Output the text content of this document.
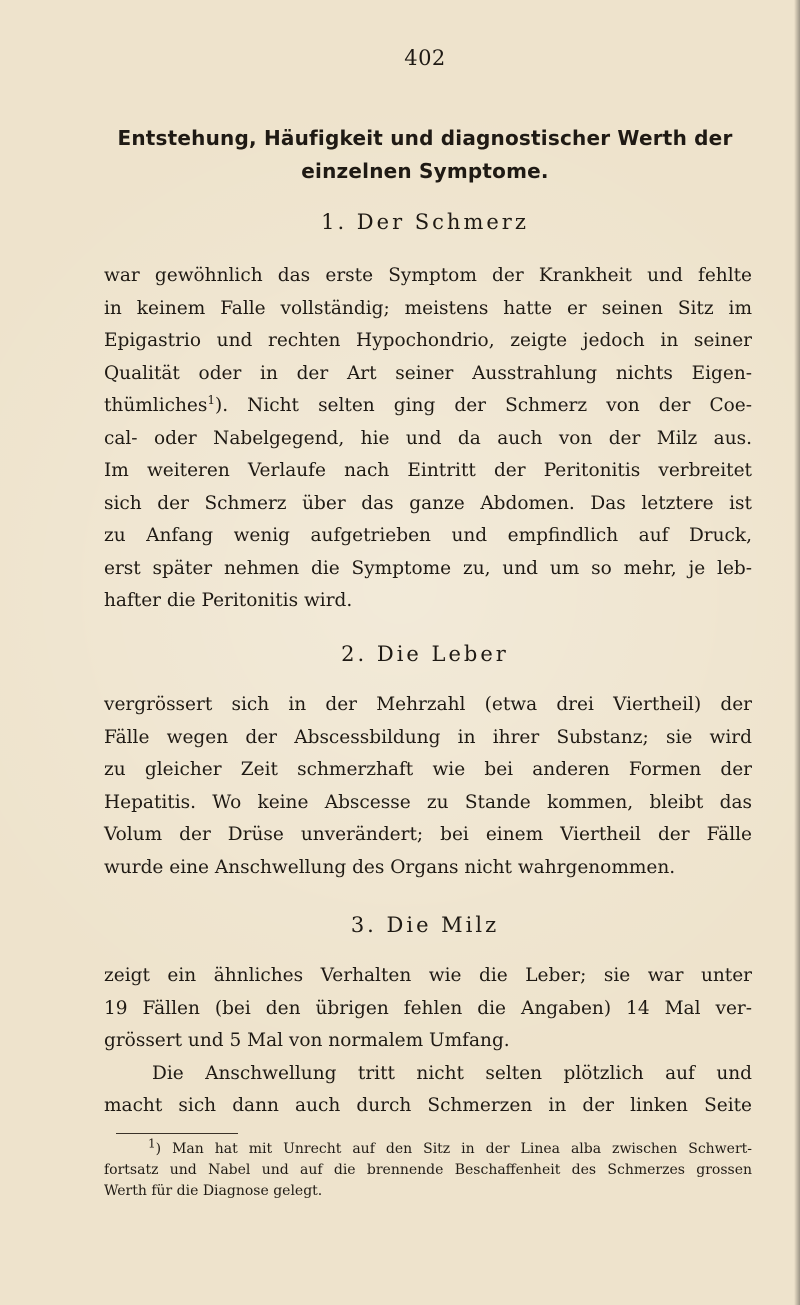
402
Entstehung, Häufigkeit und diagnostischer Werth der
einzelnen Symptome.
1. Der Schmerz
war gewöhnlich das erste Symptom der Krankheit und fehlte
in keinem Falle vollständig; meistens hatte er seinen Sitz im
Epigastrio und rechten Hypochondrio, zeigte jedoch in seiner
Qualität oder in der Art seiner Ausstrahlung nichts Eigen-
thümliches$^1$). Nicht selten ging der Schmerz von der Coe-
cal- oder Nabelgegend, hie und da auch von der Milz aus.
Im weiteren Verlaufe nach Eintritt der Peritonitis verbreitet
sich der Schmerz über das ganze Abdomen. Das letztere ist
zu Anfang wenig aufgetrieben und empfindlich auf Druck,
erst später nehmen die Symptome zu, und um so mehr, je leb-
hafter die Peritonitis wird.
2. Die Leber
vergrössert sich in der Mehrzahl (etwa drei Viertheil) der
Fälle wegen der Abscessbildung in ihrer Substanz; sie wird
zu gleicher Zeit schmerzhaft wie bei anderen Formen der
Hepatitis. Wo keine Abscesse zu Stande kommen, bleibt das
Volum der Drüse unverändert; bei einem Viertheil der Fälle
wurde eine Anschwellung des Organs nicht wahrgenommen.
3. Die Milz
zeigt ein ähnliches Verhalten wie die Leber; sie war unter
19 Fällen (bei den übrigen fehlen die Angaben) 14 Mal ver-
grössert und 5 Mal von normalem Umfang.
Die Anschwellung tritt nicht selten plötzlich auf und
macht sich dann auch durch Schmerzen in der linken Seite
$^1$) Man hat mit Unrecht auf den Sitz in der Linea alba zwischen Schwert-
fortsatz und Nabel und auf die brennende Beschaffenheit des Schmerzes grossen
Werth für die Diagnose gelegt.
